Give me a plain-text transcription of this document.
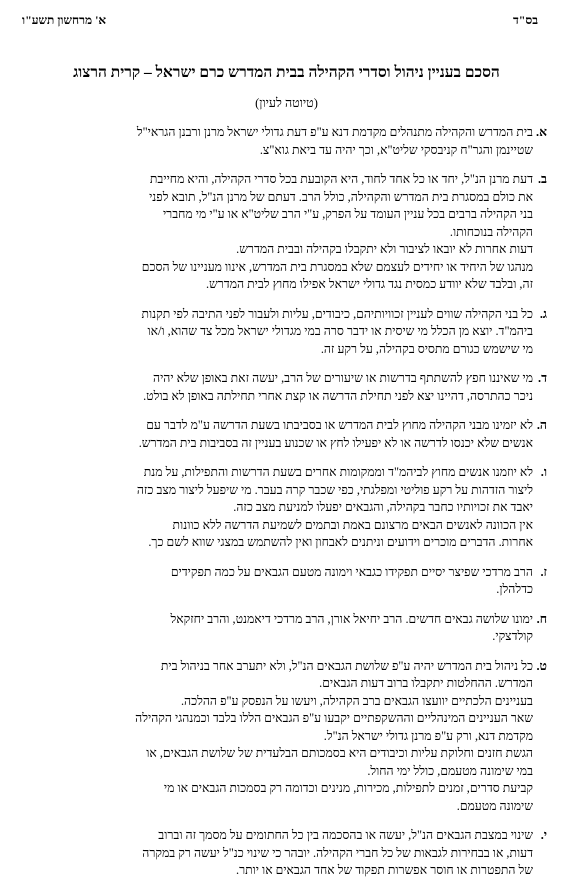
בס"ד
א' מרחשון תשע"ו
הסכם בעניין ניהול וסדרי הקהילה בבית המדרש כרם ישראל – קרית הרצוג
(טיוטה לעיון)
א.
בית המדרש והקהילה מתנהלים מקדמת דנא ע"פ דעת גדולי ישראל מרנן ורבנן הגראי"ל
שטיינמן והגר"ח קניבסקי שליט"א, וכך יהיה עד ביאת גוא"צ.
ב.
דעת מרנן הנ"ל, יחד או כל אחד לחוד, היא הקובעת בכל סדרי הקהילה, והיא מחייבת
את כולם במסגרת בית המדרש והקהילה, כולל הרב. דעתם של מרנן הנ"ל, תובא לפני
בני הקהילה ברבים בכל עניין העומד על הפרק, ע"י הרב שליט"א או ע"י מי מחברי
הקהילה בנוכחותו.
דעות אחרות לא יובאו לציבור ולא יתקבלו בקהילה ובבית המדרש.
מנהגו של היחיד או יחידים לעצמם שלא במסגרת בית המדרש, אינוו מעניינו של הסכם
זה, ובלבד שלא יוודע כמסית נגד גדולי ישראל אפילו מחוץ לבית המדרש.
ג.
כל בני הקהילה שווים לעניין זכוויותיהם, כיבודים, עליות ולעבור לפני התיבה לפי תקנות
ביהמ"ד. יוצא מן הכלל מי שיסית או ידבר סרה במי מגדולי ישראל מכל צד שהוא, ו/או
מי שישמש כגורם מתסיס בקהילה, על רקע זה.
ד.
מי שאיננו חפץ להשתתף בדרשות או שיעורים של הרב, יעשה זאת באופן שלא יהיה
ניכר כהתרסה, דהיינו יצא לפני תחילת הדרשה או קצת אחרי תחילתה באופן לא בולט.
ה.
לא יזמינו מבני הקהילה מחוץ לבית המדרש או בסביבתו בשעת הדרשה ע"מ לדבר עם
אנשים שלא יכנסו לדרשה או לא יפעילו לחץ או שכנוע בעניין זה בסביבות בית המדרש.
ו.
לא יוזמנו אנשים מחוץ לביהמ"ד וממקומות אחרים בשעת הדרשות והתפילות, על מנת
ליצור הזדהות על רקע פוליטי ומפלגתי, כפי שכבר קרה בעבר. מי שיפעל ליצור מצב כזה
יאבד את זכויותיו כחבר בקהילה, והגבאים יפעלו למניעת מצב כזה.
אין הכוונה לאנשים הבאים מרצונם באמת ובתמים לשמיעת הדרשה ללא כוונות
אחרות. הדברים מוכרים וידועים וניתנים לאבחון ואין להשתמש במצגי שווא לשם כך.
ז.
הרב מרדכי שפיצר יסיים תפקידו כגבאי וימונה מטעם הגבאים על כמה תפקידים
כדלהלן.
ח.
ימונו שלושה גבאים חדשים. הרב יחיאל אורן, הרב מרדכי דיאמנט, והרב יחזקאל
קולדצקי.
ט.
כל ניהול בית המדרש יהיה ע"פ שלושת הגבאים הנ"ל, ולא יתערב אחר בניהול בית
המדרש. ההחלטות יתקבלו ברוב דעות הגבאים.
בעניינים הלכתיים יוועצו הגבאים ברב הקהילה, ויעשו על הנפסק ע"פ ההלכה.
שאר העניינים המינהליים וההשקפתיים יקבעו ע"פ הגבאים הללו בלבד וכמנהגי הקהילה
מקדמת דנא, ורק ע"פ מרנן גדולי ישראל הנ"ל.
הגשת חזנים וחלוקת עליות וכיבודים היא בסמכותם הבלעדית של שלושת הגבאים, או
במי שימונה מטעמם, כולל ימי החול.
קביעת סדרים, זמנים לתפילות, מכירות, מנינים וכדומה רק בסמכות הגבאים או מי
שימונה מטעמם.
י.
שינוי במצבת הגבאים הנ"ל, יעשה או בהסכמה בין כל החתומים על מסמך זה וברוב
דעות, או בבחירות לגבאות של כל חברי הקהילה. יובהר כי שינוי כנ"ל יעשה רק במקרה
של התפטרות או חוסר אפשרות תפקוד של אחד הגבאים או יותר.
